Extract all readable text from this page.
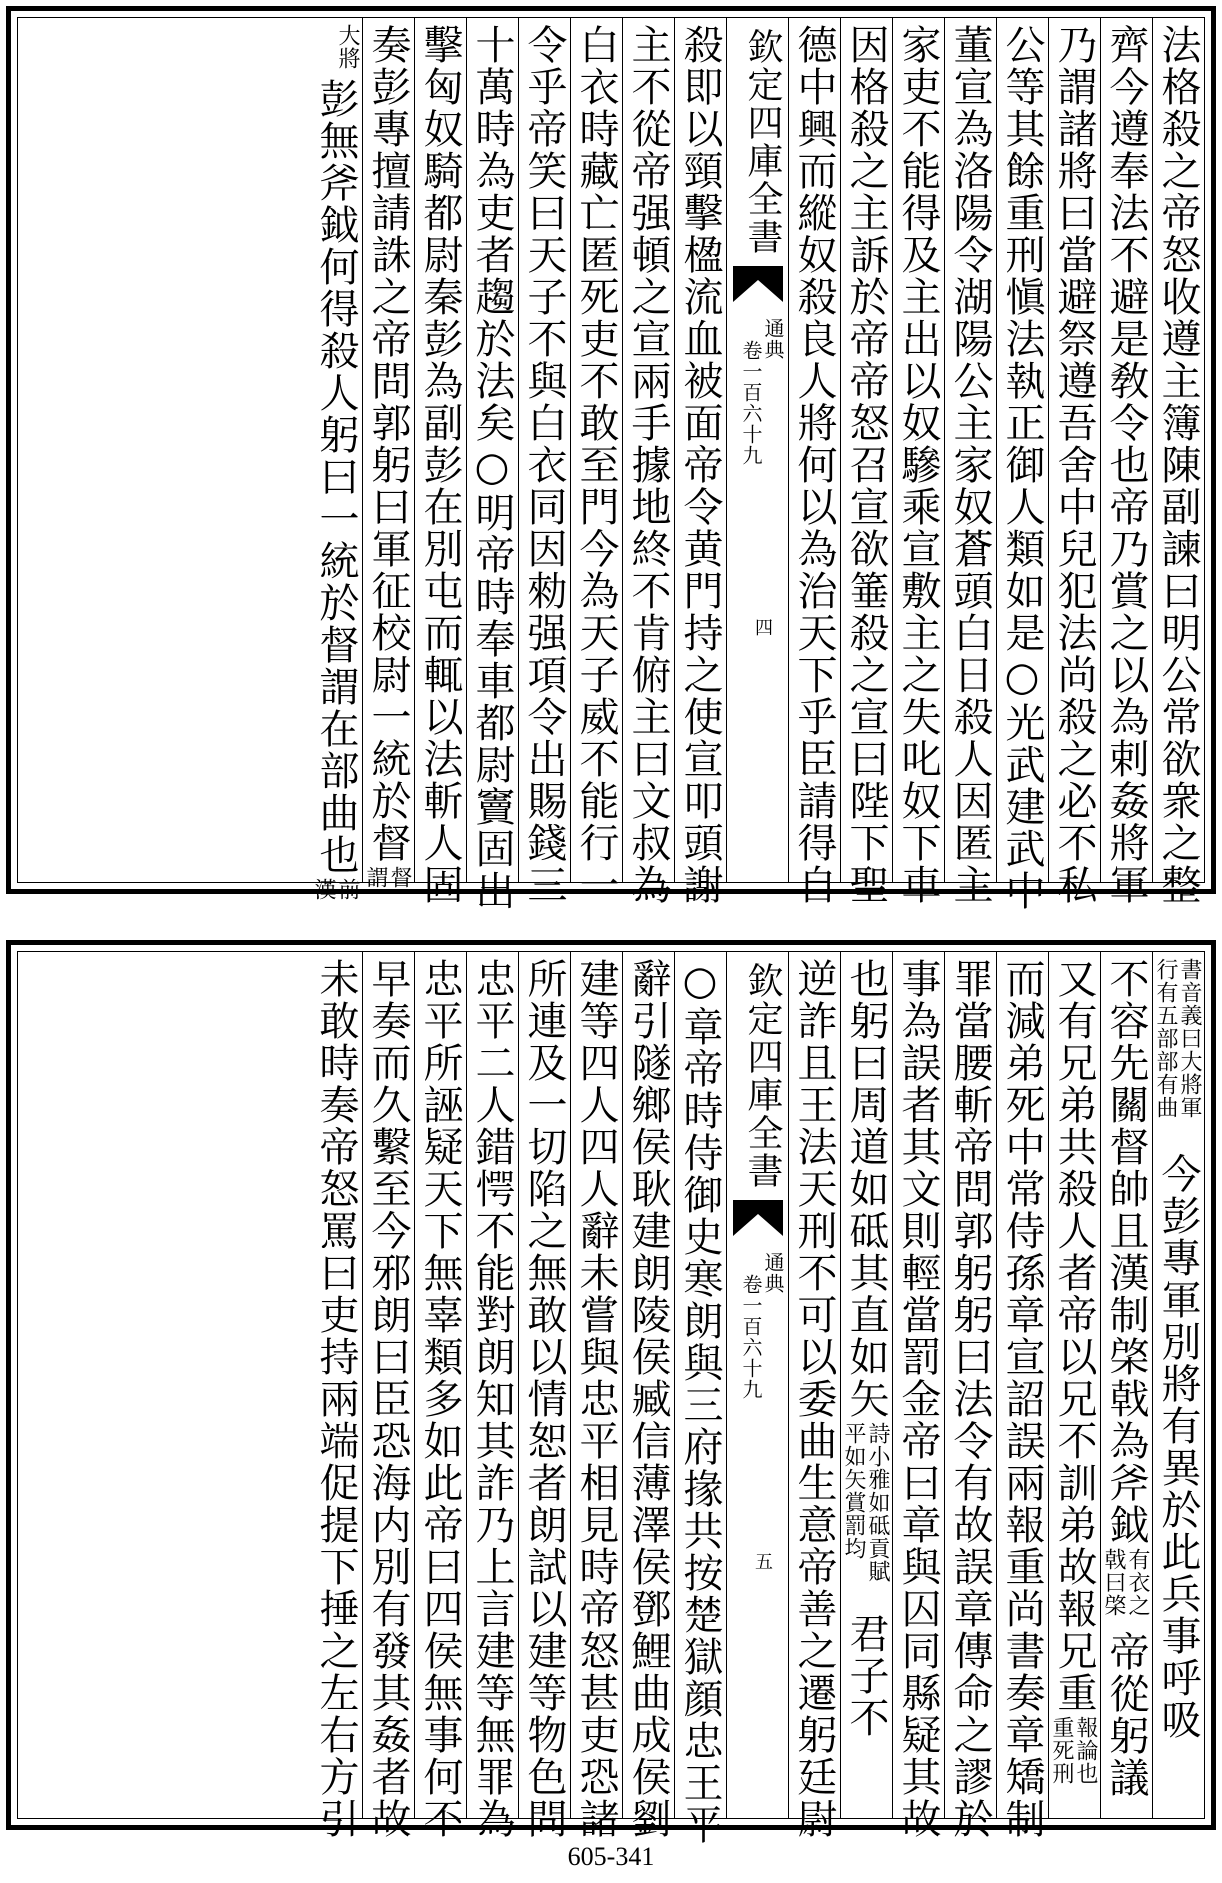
法格殺之帝怒收遵主簿陳副諫曰明公常欲衆之整
齊今遵奉法不避是敎令也帝乃賞之以為剌姦將軍
乃謂諸將曰當避祭遵吾舍中兒犯法尚殺之必不私
公等其餘重刑愼法執正御人類如是○光武建武中
董宣為洛陽令湖陽公主家奴蒼頭白日殺人因匿主
家吏不能得及主出以奴驂乘宣敷主之失叱奴下車
因格殺之主訴於帝帝怒召宣欲箠殺之宣曰陛下聖
德中興而縱奴殺良人將何以為治天下乎臣請得自
欽定四庫全書
通典
卷一百六十九
四
殺即以頸擊楹流血被面帝令黄門持之使宣叩頭謝
主不從帝强頓之宣兩手據地終不肯俯主曰文叔為
白衣時藏亡匿死吏不敢至門今為天子威不能行一
令乎帝笑曰天子不與白衣同因勑强項令出賜錢三
十萬時為吏者趨於法矣○明帝時奉車都尉竇固出
擊匈奴騎都尉秦彭為副彭在別屯而輒以法斬人固
奏彭專擅請誅之帝問郭躬曰軍征校尉一統於督
督
謂
大將
彭無斧鉞何得殺人躬曰一統於督謂在部曲也
前
漢
書音義曰大將軍
行有五部部有曲
今彭專軍別將有異於此兵事呼吸
不容先關督帥且漢制棨戟為斧鉞
有衣之
戟曰棨
帝從躬議
又有兄弟共殺人者帝以兄不訓弟故報兄重
報論也
重死刑
而減弟死中常侍孫章宣詔誤兩報重尚書奏章矯制
罪當腰斬帝問郭躬躬曰法令有故誤章傳命之謬於
事為誤者其文則輕當罰金帝曰章與囚同縣疑其故
也躬曰周道如砥其直如矢
詩小雅如砥貢賦
平如矢賞罰均
君子不
逆詐且王法天刑不可以委曲生意帝善之遷躬廷尉
欽定四庫全書
通典
卷一百六十九
五
○章帝時侍御史寒朗與三府掾共按楚獄顔忠王平
辭引隧鄉侯耿建朗陵侯臧信薄澤侯鄧鯉曲成侯劉
建等四人四人辭未嘗與忠平相見時帝怒甚吏恐諸
所連及一切陷之無敢以情恕者朗試以建等物色問
忠平二人錯愕不能對朗知其詐乃上言建等無罪為
忠平所誣疑天下無辜類多如此帝曰四侯無事何不
早奏而久繫至今邪朗曰臣恐海内別有發其姦者故
未敢時奏帝怒罵曰吏持兩端促提下捶之左右方引
605-341
